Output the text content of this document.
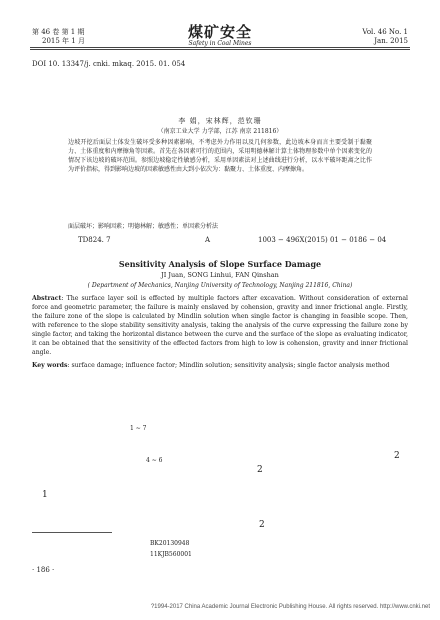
第 46 卷 第 1 期
2015 年 1 月	煤矿安全
Safety in Coal Mines
Vol. 46 No. 1
Jan. 2015
DOI 10. 13347/j. cnki. mkaq. 2015. 01. 054
李 娟，宋林辉，范钦珊
（南京工业大学 力学部，江苏 南京 211816）
边坡开挖后面层土体发生破坏受多种因素影响，不考虑外力作用以及几何参数，此边坡本身而言主要受制于黏聚力、土体重度和内摩擦角等因素。首先在各因素可行的范围内，采用明德林解计算土体物理参数中单个因素变化的情况下该边坡的破坏范围。参照边坡稳定性敏感分析，采用单因素法对上述曲线进行分析，以水平破坏距离之比作为评价指标，得到影响边坡的因素敏感性由大到小依次为：黏聚力、土体重度、内摩擦角。
面层破坏；影响因素；明德林解；敏感性；单因素分析法
TD824. 7	A	1003 − 496X(2015) 01 − 0186 − 04
Sensitivity Analysis of Slope Surface Damage
JI Juan, SONG Linhui, FAN Qinshan
( Department of Mechanics, Nanjing University of Technology, Nanjing 211816, China)
Abstract: The surface layer soil is effected by multiple factors after excavation. Without consideration of external force and geometric parameter, the failure is mainly enslaved by cohension, gravity and inner frictional angle. Firstly, the failure zone of the slope is calculated by Mindlin solution when single factor is changing in feasible scope. Then, with reference to the slope stability sensitivity analysis, taking the analysis of the curve expressing the failure zone by single factor, and taking the horizontal distance between the curve and the surface of the slope as evaluating indicator, it can be obtained that the sensitivity of the effected factors from high to low is cohension, gravity and inner frictional angle.
Key words: surface damage; influence factor; Mindlin solution; sensitivity analysis; single factor analysis method
1 ~ 7
4 ~ 6	2
2
1
2
BK20130948
11KJB560001
· 186 ·
?1994-2017 China Academic Journal Electronic Publishing House. All rights reserved. http://www.cnki.net
